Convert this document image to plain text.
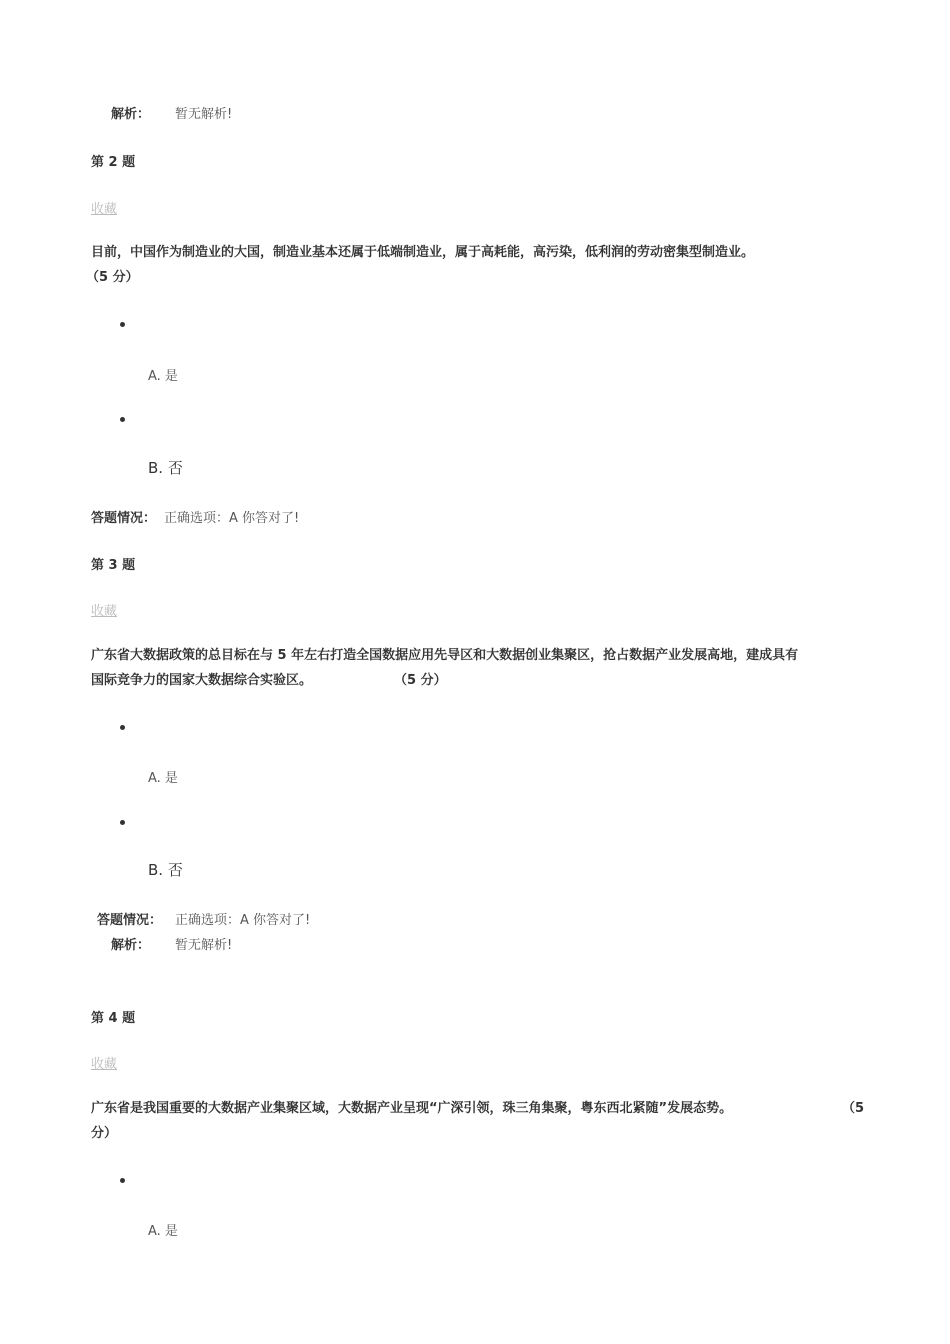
解析： 暂无解析!
第 2 题
收藏
目前，中国作为制造业的大国，制造业基本还属于低端制造业，属于高耗能，高污染，低利润的劳动密集型制造业。
（5 分）
A. 是
B. 否
答题情况： 正确选项：A 你答对了!
第 3 题
收藏
广东省大数据政策的总目标在与 5 年左右打造全国数据应用先导区和大数据创业集聚区，抢占数据产业发展高地，建成具有
国际竞争力的国家大数据综合实验区。	（5 分）
A. 是
B. 否
答题情况： 正确选项：A 你答对了!
解析： 暂无解析!
第 4 题
收藏
广东省是我国重要的大数据产业集聚区域，大数据产业呈现“广深引领，珠三角集聚，粤东西北紧随”发展态势。	（5
分）
A. 是
